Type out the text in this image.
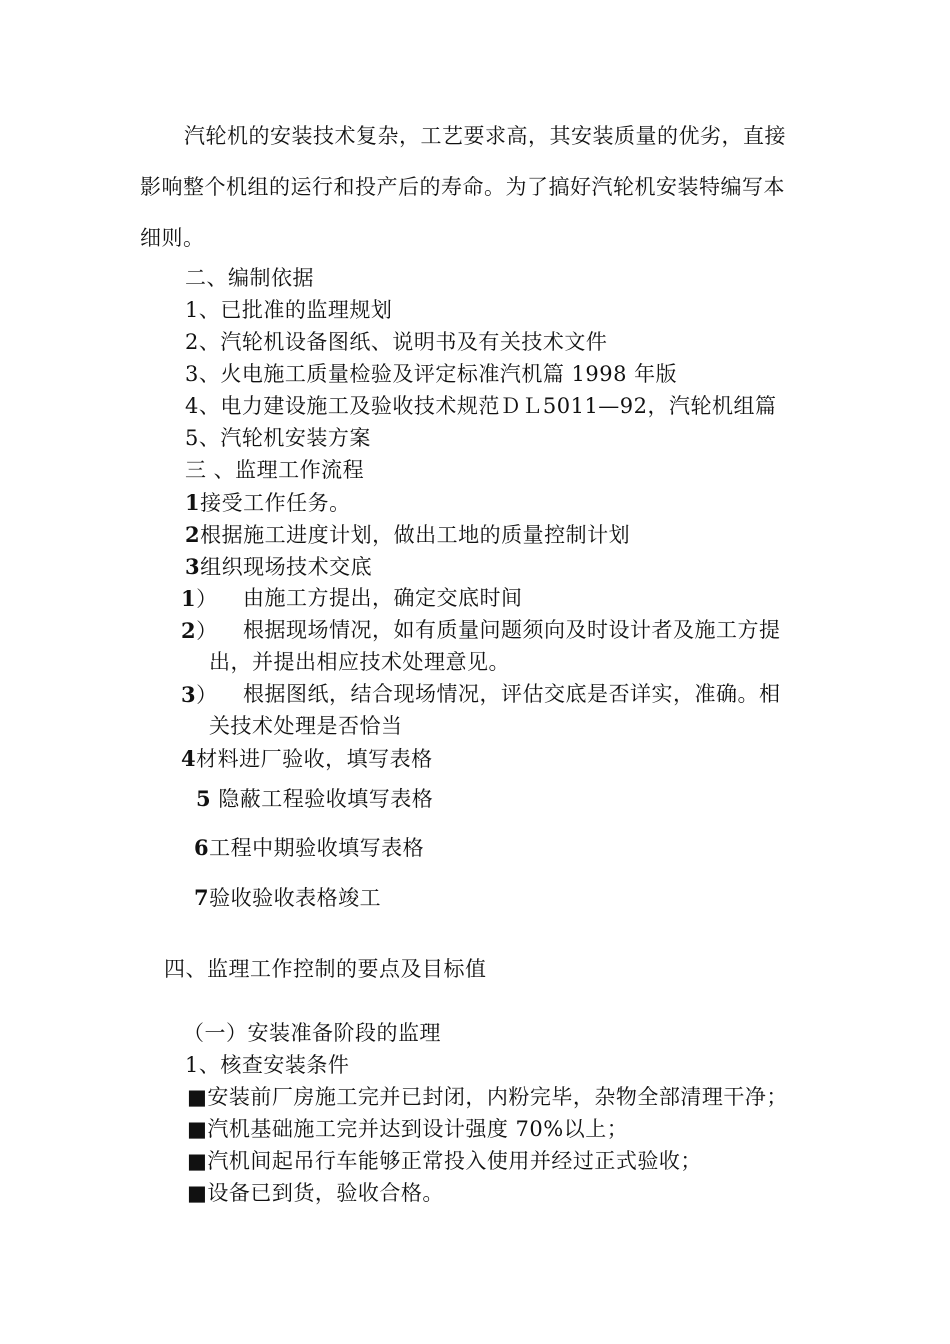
汽轮机的安装技术复杂，工艺要求高，其安装质量的优劣，直接
影响整个机组的运行和投产后的寿命。为了搞好汽轮机安装特编写本
细则。
二、编制依据
1、已批准的监理规划
2、汽轮机设备图纸、说明书及有关技术文件
3、火电施工质量检验及评定标准汽机篇 1998 年版
4、电力建设施工及验收技术规范ＤＬ5011—92，汽轮机组篇
5、汽轮机安装方案
三 、监理工作流程
1接受工作任务。
2根据施工进度计划，做出工地的质量控制计划
3组织现场技术交底
1） 由施工方提出，确定交底时间
2） 根据现场情况，如有质量问题须向及时设计者及施工方提
出，并提出相应技术处理意见。
3） 根据图纸，结合现场情况，评估交底是否详实，准确。相
关技术处理是否恰当
4材料进厂验收，填写表格
5 隐蔽工程验收填写表格
6工程中期验收填写表格
7验收验收表格竣工
四、监理工作控制的要点及目标值
（一）安装准备阶段的监理
1、核查安装条件
■安装前厂房施工完并已封闭，内粉完毕，杂物全部清理干净；
■汽机基础施工完并达到设计强度 70%以上；
■汽机间起吊行车能够正常投入使用并经过正式验收；
■设备已到货，验收合格。
